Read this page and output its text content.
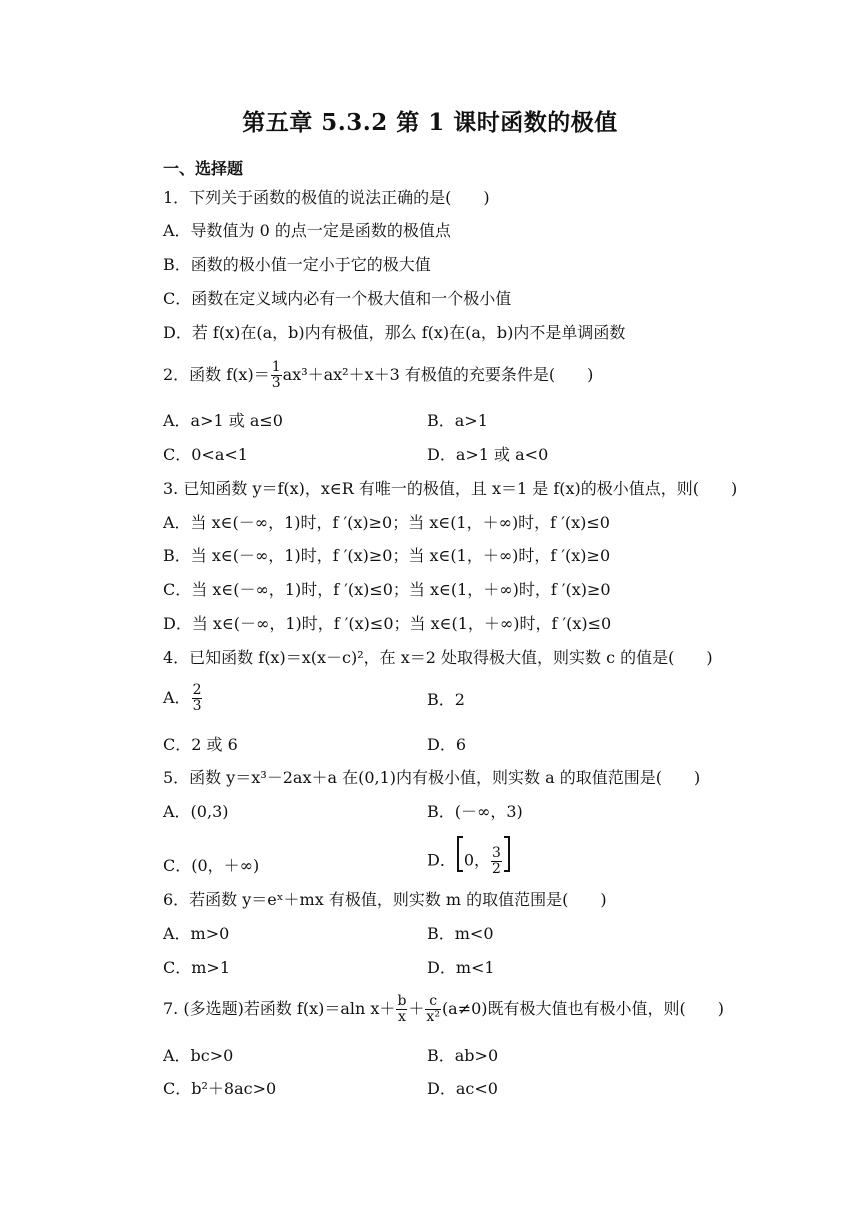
第五章 5.3.2 第 1 课时函数的极值
一、选择题
1．下列关于函数的极值的说法正确的是(　　)
A．导数值为 0 的点一定是函数的极值点
B．函数的极小值一定小于它的极大值
C．函数在定义域内必有一个极大值和一个极小值
D．若 f(x)在(a，b)内有极值，那么 f(x)在(a，b)内不是单调函数
2．函数 $f(x)= \frac{1}{3} ax^3+ax^2+x+3$ 有极值的充要条件是(　　)
A．a>1 或 a≤0	B．a>1
C．0<a<1	D．a>1 或 a<0
3. 已知函数 y＝f(x)，x∈R 有唯一的极值，且 x＝1 是 f(x)的极小值点，则(　　)
A．当 x∈(－∞，1)时，f ′(x)≥0；当 x∈(1，＋∞)时，f ′(x)≤0
B．当 x∈(－∞，1)时，f ′(x)≥0；当 x∈(1，＋∞)时，f ′(x)≥0
C．当 x∈(－∞，1)时，f ′(x)≤0；当 x∈(1，＋∞)时，f ′(x)≥0
D．当 x∈(－∞，1)时，f ′(x)≤0；当 x∈(1，＋∞)时，f ′(x)≤0
4．已知函数 f(x)＝x(x－c)²，在 x＝2 处取得极大值，则实数 c 的值是(　　)
A． $\frac{2}{3}$	B．2
C．2 或 6	D．6
5．函数 y＝x³－2ax＋a 在(0,1)内有极小值，则实数 a 的取值范围是(　　)
A．(0,3)	B．(－∞，3)
C．(0，＋∞)	D． 0， $\frac{3}{2}$
6．若函数 y＝eˣ＋mx 有极值，则实数 m 的取值范围是(　　)
A．m>0	B．m<0
C．m>1	D．m<1
7. (多选题)若函数 f(x)＝aln $x+ \frac{b}{x} + \frac{c}{\text{x²}} (a\ne 0)$既有极大值也有极小值，则(　　)
A．bc>0	B．ab>0
C．b²＋8ac>0	D．ac<0
